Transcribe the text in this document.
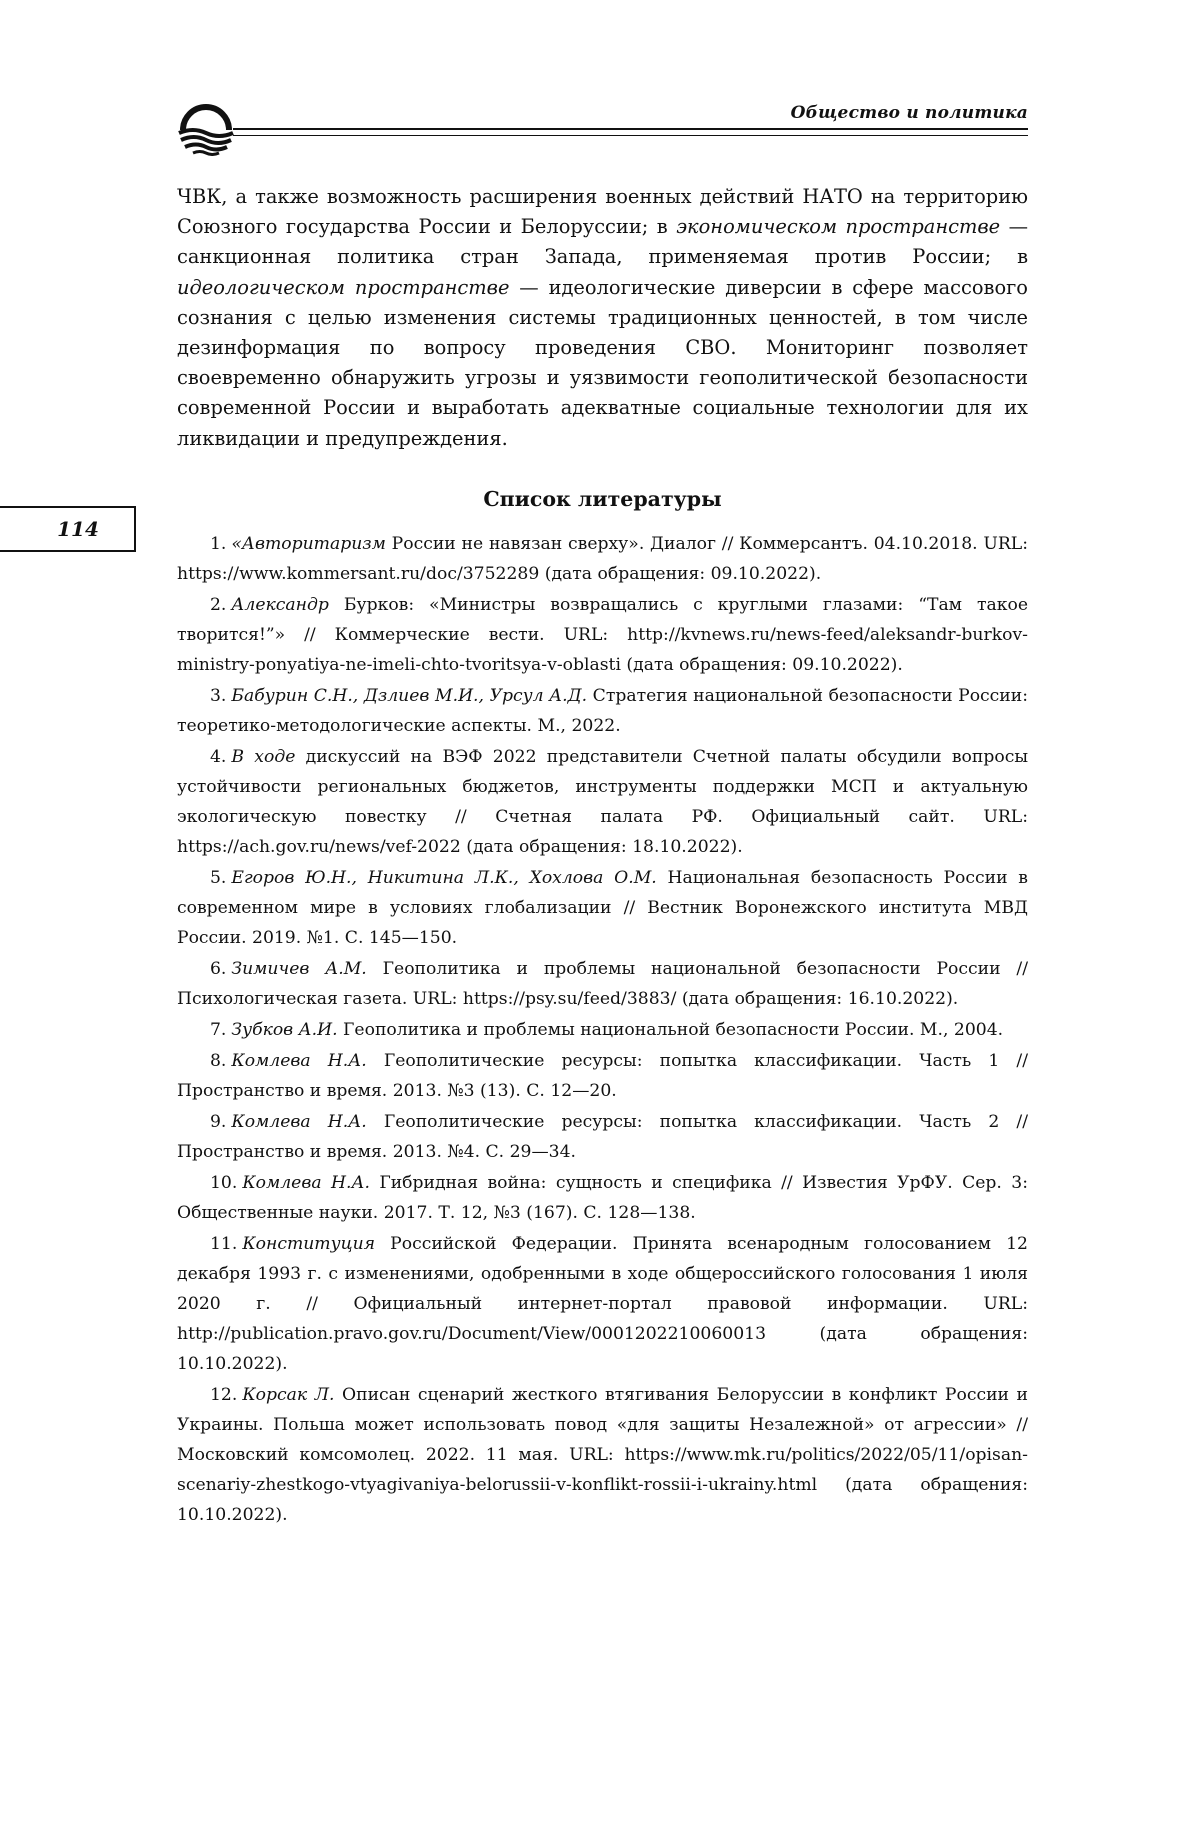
Общество и политика
114

ЧВК, а также возможность расширения военных действий НАТО на территорию Союзного государства России и Белоруссии; в экономическом пространстве — санкционная политика стран Запада, применяемая против России; в идеологическом пространстве — идеологические диверсии в сфере массового сознания с целью изменения системы традиционных ценностей, в том числе дезинформация по вопросу проведения СВО. Мониторинг позволяет своевременно обнаружить угрозы и уязвимости геополитической безопасности современной России и выработать адекватные социальные технологии для их ликвидации и предупреждения.

Список литературы

1. «Авторитаризм России не навязан сверху». Диалог // Коммерсантъ. 04.10.2018. URL: https://www.kommersant.ru/doc/3752289 (дата обращения: 09.10.2022).

2. Александр Бурков: «Министры возвращались с круглыми глазами: “Там такое творится!”» // Коммерческие вести. URL: http://kvnews.ru/news-feed/aleksandr-burkov-ministry-ponyatiya-ne-imeli-chto-tvoritsya-v-oblasti (дата обращения: 09.10.2022).

3. Бабурин С.Н., Дзлиев М.И., Урсул А.Д. Стратегия национальной безопасности России: теоретико-методологические аспекты. М., 2022.

4. В ходе дискуссий на ВЭФ 2022 представители Счетной палаты обсудили вопросы устойчивости региональных бюджетов, инструменты поддержки МСП и актуальную экологическую повестку // Счетная палата РФ. Официальный сайт. URL: https://ach.gov.ru/news/vef-2022 (дата обращения: 18.10.2022).

5. Егоров Ю.Н., Никитина Л.К., Хохлова О.М. Национальная безопасность России в современном мире в условиях глобализации // Вестник Воронежского института МВД России. 2019. №1. С. 145—150.

6. Зимичев А.М. Геополитика и проблемы национальной безопасности России // Психологическая газета. URL: https://psy.su/feed/3883/ (дата обращения: 16.10.2022).

7. Зубков А.И. Геополитика и проблемы национальной безопасности России. М., 2004.

8. Комлева Н.А. Геополитические ресурсы: попытка классификации. Часть 1 // Пространство и время. 2013. №3 (13). С. 12—20.

9. Комлева Н.А. Геополитические ресурсы: попытка классификации. Часть 2 // Пространство и время. 2013. №4. С. 29—34.

10. Комлева Н.А. Гибридная война: сущность и специфика // Известия УрФУ. Сер. 3: Общественные науки. 2017. Т. 12, №3 (167). С. 128—138.

11. Конституция Российской Федерации. Принята всенародным голосованием 12 декабря 1993 г. с изменениями, одобренными в ходе общероссийского голосования 1 июля 2020 г. // Официальный интернет-портал правовой информации. URL: http://publication.pravo.gov.ru/Document/View/0001202210060013 (дата обращения: 10.10.2022).

12. Корсак Л. Описан сценарий жесткого втягивания Белоруссии в конфликт России и Украины. Польша может использовать повод «для защиты Незалежной» от агрессии» // Московский комсомолец. 2022. 11 мая. URL: https://www.mk.ru/politics/2022/05/11/opisan-scenariy-zhestkogo-vtyagivaniya-belorussii-v-konflikt-rossii-i-ukrainy.html (дата обращения: 10.10.2022).
